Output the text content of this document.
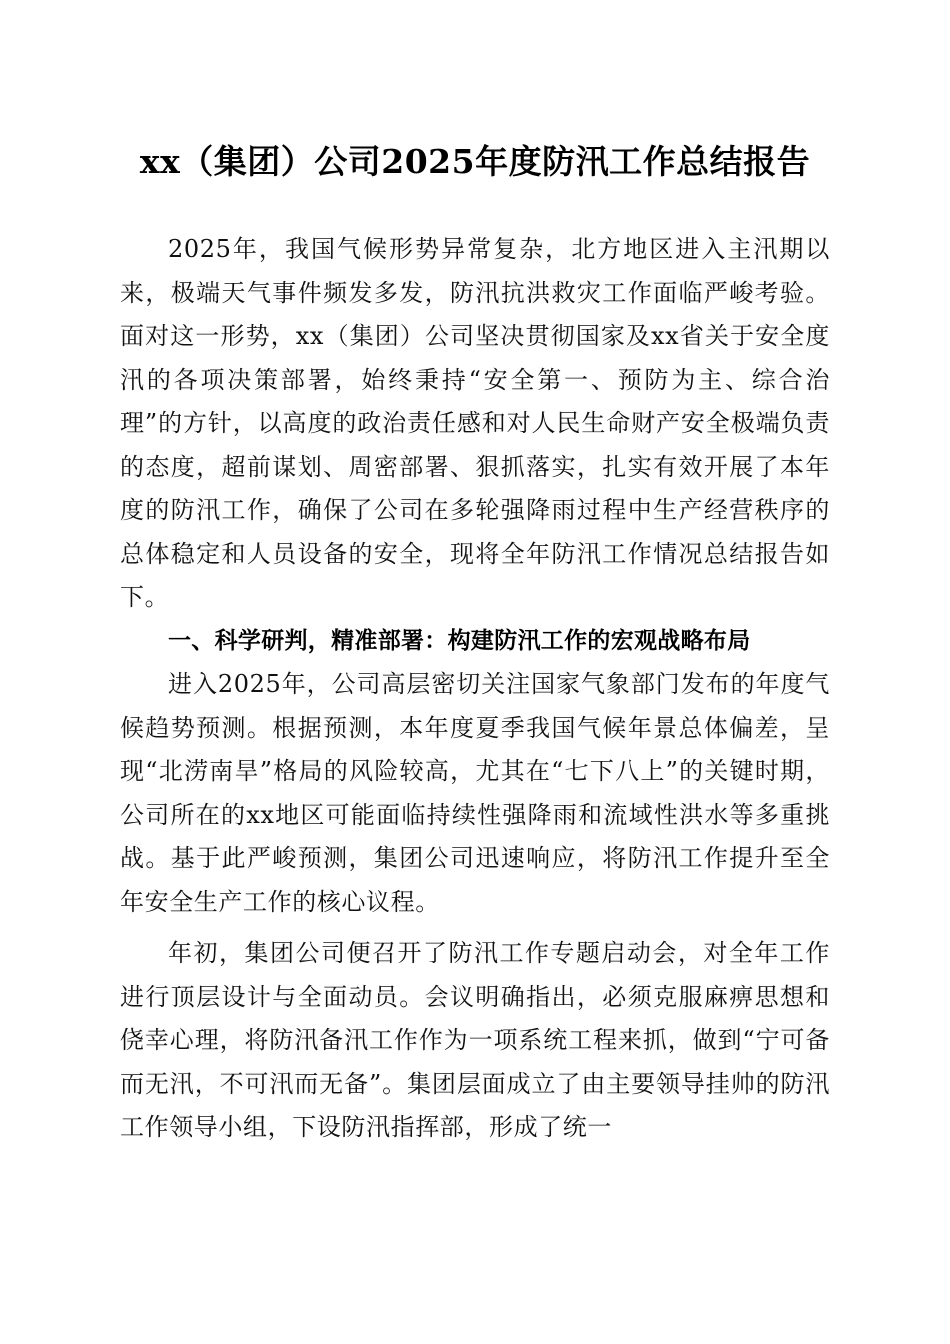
xx（集团）公司2025年度防汛工作总结报告

2025年，我国气候形势异常复杂，北方地区进入主汛期以来，极端天气事件频发多发，防汛抗洪救灾工作面临严峻考验。面对这一形势，xx（集团）公司坚决贯彻国家及xx省关于安全度汛的各项决策部署，始终秉持“安全第一、预防为主、综合治理”的方针，以高度的政治责任感和对人民生命财产安全极端负责的态度，超前谋划、周密部署、狠抓落实，扎实有效开展了本年度的防汛工作，确保了公司在多轮强降雨过程中生产经营秩序的总体稳定和人员设备的安全，现将全年防汛工作情况总结报告如下。

一、科学研判，精准部署：构建防汛工作的宏观战略布局

进入2025年，公司高层密切关注国家气象部门发布的年度气候趋势预测。根据预测，本年度夏季我国气候年景总体偏差，呈现“北涝南旱”格局的风险较高，尤其在“七下八上”的关键时期，公司所在的xx地区可能面临持续性强降雨和流域性洪水等多重挑战。基于此严峻预测，集团公司迅速响应，将防汛工作提升至全年安全生产工作的核心议程。

年初，集团公司便召开了防汛工作专题启动会，对全年工作进行顶层设计与全面动员。会议明确指出，必须克服麻痹思想和侥幸心理，将防汛备汛工作作为一项系统工程来抓，做到“宁可备而无汛，不可汛而无备”。集团层面成立了由主要领导挂帅的防汛工作领导小组，下设防汛指挥部，形成了统一
